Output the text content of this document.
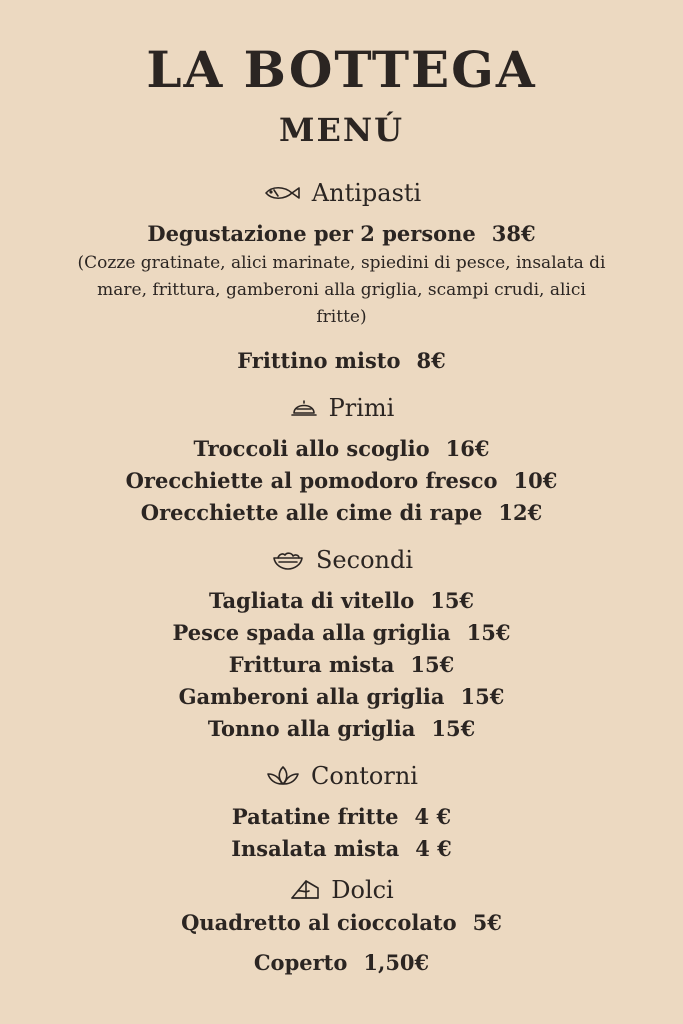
LA BOTTEGA
MENÚ
Antipasti
Degustazione per 2 persone 38€
(Cozze gratinate, alici marinate, spiedini di pesce, insalata di mare, frittura, gamberoni alla griglia, scampi crudi, alici fritte)
Frittino misto 8€
Primi
Troccoli allo scoglio 16€
Orecchiette al pomodoro fresco 10€
Orecchiette alle cime di rape 12€
Secondi
Tagliata di vitello 15€
Pesce spada alla griglia 15€
Frittura mista 15€
Gamberoni alla griglia 15€
Tonno alla griglia 15€
Contorni
Patatine fritte 4 €
Insalata mista 4 €
Dolci
Quadretto al cioccolato 5€
Coperto 1,50€
